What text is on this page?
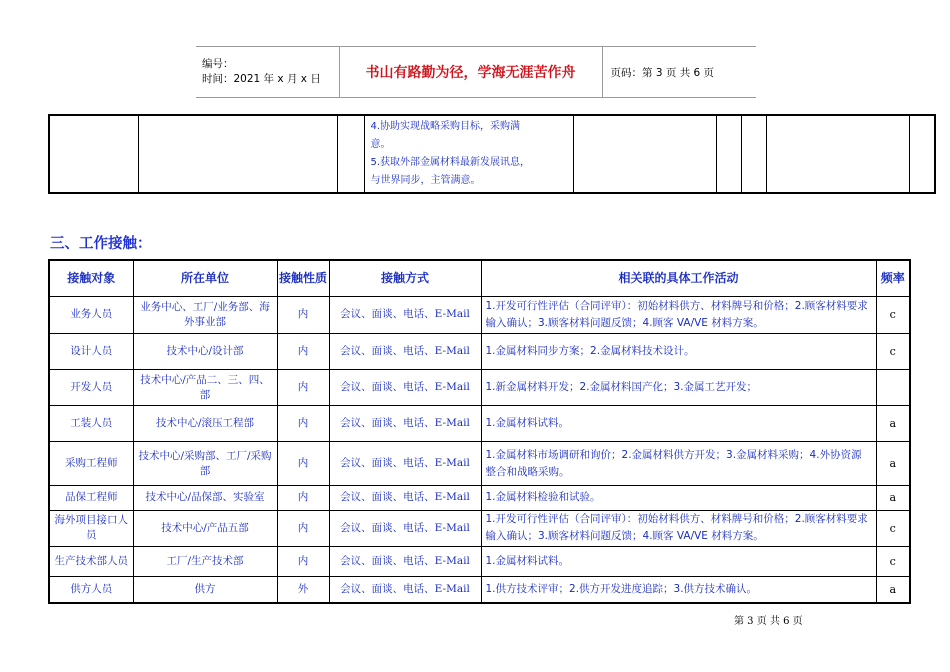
编号：
时间：2021 年 x 月 x 日	书山有路勤为径，学海无涯苦作舟	页码：第 3 页 共 6 页

4.协助实现战略采购目标，采购满
意。
5.获取外部金属材料最新发展讯息，
与世界同步，主管满意。

三、工作接触：
接触对象	所在单位	接触性质	接触方式	相关联的具体工作活动	频率
业务人员	业务中心、工厂/业务部、海外事业部	内	会议、面谈、电话、E-Mail	1.开发可行性评估（合同评审）：初始材料供方、材料牌号和价格；2.顾客材料要求输入确认；3.顾客材料问题反馈；4.顾客 VA/VE 材料方案。	c
设计人员	技术中心/设计部	内	会议、面谈、电话、E-Mail	1.金属材料同步方案；2.金属材料技术设计。	c
开发人员	技术中心/产品二、三、四、部	内	会议、面谈、电话、E-Mail	1.新金属材料开发；2.金属材料国产化；3.金属工艺开发；	
工装人员	技术中心/滚压工程部	内	会议、面谈、电话、E-Mail	1.金属材料试料。	a
采购工程师	技术中心/采购部、工厂/采购部	内	会议、面谈、电话、E-Mail	1.金属材料市场调研和询价；2.金属材料供方开发；3.金属材料采购；4.外协资源整合和战略采购。	a
品保工程师	技术中心/品保部、实验室	内	会议、面谈、电话、E-Mail	1.金属材料检验和试验。	a
海外项目接口人员	技术中心/产品五部	内	会议、面谈、电话、E-Mail	1.开发可行性评估（合同评审）：初始材料供方、材料牌号和价格；2.顾客材料要求输入确认；3.顾客材料问题反馈；4.顾客 VA/VE 材料方案。	c
生产技术部人员	工厂/生产技术部	内	会议、面谈、电话、E-Mail	1.金属材料试料。	c
供方人员	供方	外	会议、面谈、电话、E-Mail	1.供方技术评审；2.供方开发进度追踪；3.供方技术确认。	a
第 3 页 共 6 页
